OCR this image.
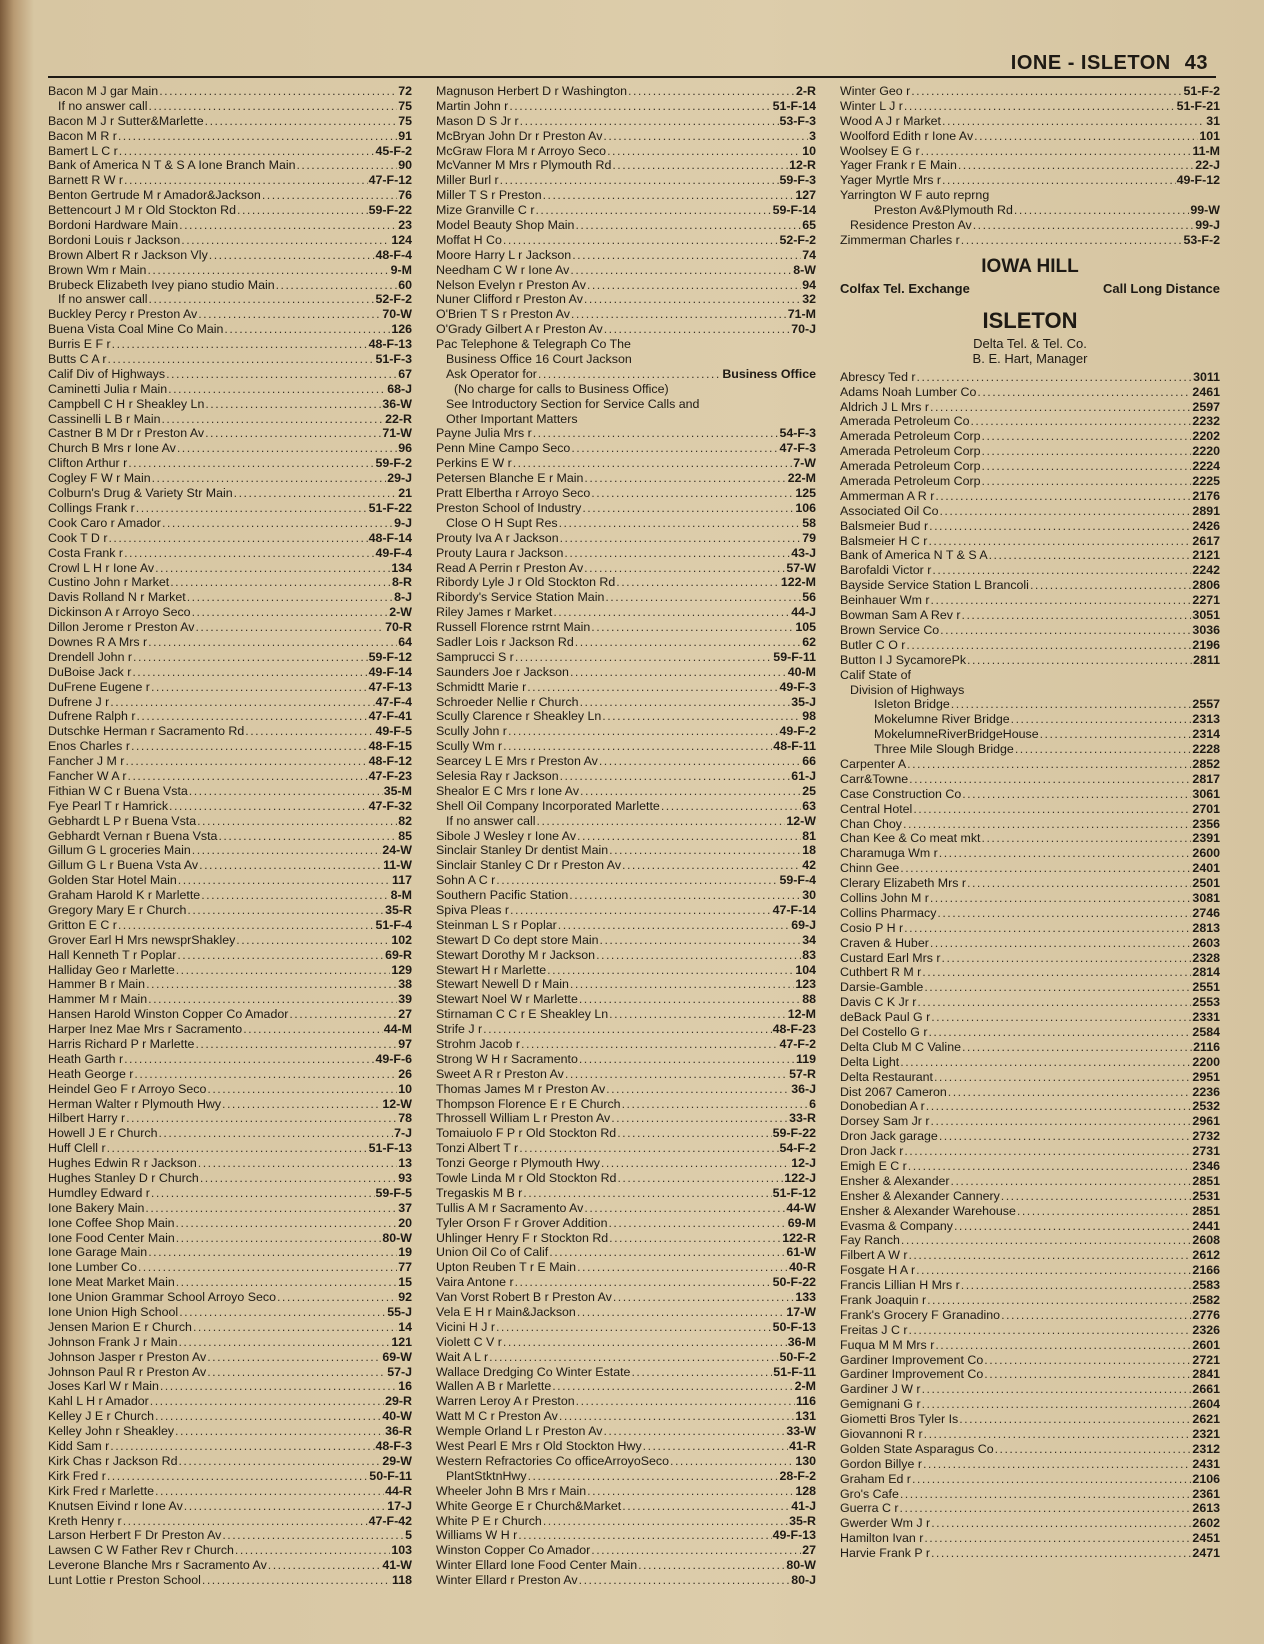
IONE - ISLETON 43
Bacon M J gar Main .....	72
If no answer call .....	75
Bacon M J r Sutter&Marlette .....	75
Bacon M R r .....	91
Bamert L C r .....	45-F-2
Bank of America N T & S A Ione Branch Main .....	90
Barnett R W r .....	47-F-12
Benton Gertrude M r Amador&Jackson .....	76
Bettencourt J M r Old Stockton Rd .....	59-F-22
Bordoni Hardware Main .....	23
Bordoni Louis r Jackson .....	124
Brown Albert R r Jackson Vly .....	48-F-4
Brown Wm r Main .....	9-M
Brubeck Elizabeth Ivey piano studio Main .....	60
If no answer call .....	52-F-2
Buckley Percy r Preston Av .....	70-W
Buena Vista Coal Mine Co Main .....	126
Burris E F r .....	48-F-13
Butts C A r .....	51-F-3
Calif Div of Highways .....	67
Caminetti Julia r Main .....	68-J
Campbell C H r Sheakley Ln .....	36-W
Cassinelli L B r Main .....	22-R
Castner B M Dr r Preston Av .....	71-W
Church B Mrs r Ione Av .....	96
Clifton Arthur r .....	59-F-2
Cogley F W r Main .....	29-J
Colburn's Drug & Variety Str Main .....	21
Collings Frank r .....	51-F-22
Cook Caro r Amador .....	9-J
Cook T D r .....	48-F-14
Costa Frank r .....	49-F-4
Crowl L H r Ione Av .....	134
Custino John r Market .....	8-R
Davis Rolland N r Market .....	8-J
Dickinson A r Arroyo Seco .....	2-W
Dillon Jerome r Preston Av .....	70-R
Downes R A Mrs r .....	64
Drendell John r .....	59-F-12
DuBoise Jack r .....	49-F-14
DuFrene Eugene r .....	47-F-13
Dufrene J r .....	47-F-4
Dufrene Ralph r .....	47-F-41
Dutschke Herman r Sacramento Rd .....	49-F-5
Enos Charles r .....	48-F-15
Fancher J M r .....	48-F-12
Fancher W A r .....	47-F-23
Fithian W C r Buena Vsta .....	35-M
Fye Pearl T r Hamrick .....	47-F-32
Gebhardt L P r Buena Vsta .....	82
Gebhardt Vernan r Buena Vsta .....	85
Gillum G L groceries Main .....	24-W
Gillum G L r Buena Vsta Av .....	11-W
Golden Star Hotel Main .....	117
Graham Harold K r Marlette .....	8-M
Gregory Mary E r Church .....	35-R
Gritton E C r .....	51-F-4
Grover Earl H Mrs newsprShakley .....	102
Hall Kenneth T r Poplar .....	69-R
Halliday Geo r Marlette .....	129
Hammer B r Main .....	38
Hammer M r Main .....	39
Hansen Harold Winston Copper Co Amador .....	27
Harper Inez Mae Mrs r Sacramento .....	44-M
Harris Richard P r Marlette .....	97
Heath Garth r .....	49-F-6
Heath George r .....	26
Heindel Geo F r Arroyo Seco .....	10
Herman Walter r Plymouth Hwy .....	12-W
Hilbert Harry r .....	78
Howell J E r Church .....	7-J
Huff Clell r .....	51-F-13
Hughes Edwin R r Jackson .....	13
Hughes Stanley D r Church .....	93
Humdley Edward r .....	59-F-5
Ione Bakery Main .....	37
Ione Coffee Shop Main .....	20
Ione Food Center Main .....	80-W
Ione Garage Main .....	19
Ione Lumber Co .....	77
Ione Meat Market Main .....	15
Ione Union Grammar School Arroyo Seco .....	92
Ione Union High School .....	55-J
Jensen Marion E r Church .....	14
Johnson Frank J r Main .....	121
Johnson Jasper r Preston Av .....	69-W
Johnson Paul R r Preston Av .....	57-J
Joses Karl W r Main .....	16
Kahl L H r Amador .....	29-R
Kelley J E r Church .....	40-W
Kelley John r Sheakley .....	36-R
Kidd Sam r .....	48-F-3
Kirk Chas r Jackson Rd .....	29-W
Kirk Fred r .....	50-F-11
Kirk Fred r Marlette .....	44-R
Knutsen Eivind r Ione Av .....	17-J
Kreth Henry r .....	47-F-42
Larson Herbert F Dr Preston Av .....	5
Lawsen C W Father Rev r Church .....	103
Leverone Blanche Mrs r Sacramento Av .....	41-W
Lunt Lottie r Preston School .....	118
Magnuson Herbert D r Washington .....	2-R
Martin John r .....	51-F-14
Mason D S Jr r .....	53-F-3
McBryan John Dr r Preston Av .....	3
McGraw Flora M r Arroyo Seco .....	10
McVanner M Mrs r Plymouth Rd .....	12-R
Miller Burl r .....	59-F-3
Miller T S r Preston .....	127
Mize Granville C r .....	59-F-14
Model Beauty Shop Main .....	65
Moffat H Co .....	52-F-2
Moore Harry L r Jackson .....	74
Needham C W r Ione Av .....	8-W
Nelson Evelyn r Preston Av .....	94
Nuner Clifford r Preston Av .....	32
O'Brien T S r Preston Av .....	71-M
O'Grady Gilbert A r Preston Av .....	70-J
Pac Telephone & Telegraph Co The
Business Office 16 Court Jackson
Ask Operator for .....	Business Office
(No charge for calls to Business Office)
See Introductory Section for Service Calls and
Other Important Matters
Payne Julia Mrs r .....	54-F-3
Penn Mine Campo Seco .....	47-F-3
Perkins E W r .....	7-W
Petersen Blanche E r Main .....	22-M
Pratt Elbertha r Arroyo Seco .....	125
Preston School of Industry .....	106
Close O H Supt Res .....	58
Prouty Iva A r Jackson .....	79
Prouty Laura r Jackson .....	43-J
Read A Perrin r Preston Av .....	57-W
Ribordy Lyle J r Old Stockton Rd .....	122-M
Ribordy's Service Station Main .....	56
Riley James r Market .....	44-J
Russell Florence rstrnt Main .....	105
Sadler Lois r Jackson Rd .....	62
Samprucci S r .....	59-F-11
Saunders Joe r Jackson .....	40-M
Schmidtt Marie r .....	49-F-3
Schroeder Nellie r Church .....	35-J
Scully Clarence r Sheakley Ln .....	98
Scully John r .....	49-F-2
Scully Wm r .....	48-F-11
Searcey L E Mrs r Preston Av .....	66
Selesia Ray r Jackson .....	61-J
Shealor E C Mrs r Ione Av .....	25
Shell Oil Company Incorporated Marlette .....	63
If no answer call .....	12-W
Sibole J Wesley r Ione Av .....	81
Sinclair Stanley Dr dentist Main .....	18
Sinclair Stanley C Dr r Preston Av .....	42
Sohn A C r .....	59-F-4
Southern Pacific Station .....	30
Spiva Pleas r .....	47-F-14
Steinman L S r Poplar .....	69-J
Stewart D Co dept store Main .....	34
Stewart Dorothy M r Jackson .....	83
Stewart H r Marlette .....	104
Stewart Newell D r Main .....	123
Stewart Noel W r Marlette .....	88
Stirnaman C C r E Sheakley Ln .....	12-M
Strife J r .....	48-F-23
Strohm Jacob r .....	47-F-2
Strong W H r Sacramento .....	119
Sweet A R r Preston Av .....	57-R
Thomas James M r Preston Av .....	36-J
Thompson Florence E r E Church .....	6
Throssell William L r Preston Av .....	33-R
Tomaiuolo F P r Old Stockton Rd .....	59-F-22
Tonzi Albert T r .....	54-F-2
Tonzi George r Plymouth Hwy .....	12-J
Towle Linda M r Old Stockton Rd .....	122-J
Tregaskis M B r .....	51-F-12
Tullis A M r Sacramento Av .....	44-W
Tyler Orson F r Grover Addition .....	69-M
Uhlinger Henry F r Stockton Rd .....	122-R
Union Oil Co of Calif .....	61-W
Upton Reuben T r E Main .....	40-R
Vaira Antone r .....	50-F-22
Van Vorst Robert B r Preston Av .....	133
Vela E H r Main&Jackson .....	17-W
Vicini H J r .....	50-F-13
Violett C V r .....	36-M
Wait A L r .....	50-F-2
Wallace Dredging Co Winter Estate .....	51-F-11
Wallen A B r Marlette .....	2-M
Warren Leroy A r Preston .....	116
Watt M C r Preston Av .....	131
Wemple Orland L r Preston Av .....	33-W
West Pearl E Mrs r Old Stockton Hwy .....	41-R
Western Refractories Co officeArroyoSeco .....	130
PlantStktnHwy .....	28-F-2
Wheeler John B Mrs r Main .....	128
White George E r Church&Market .....	41-J
White P E r Church .....	35-R
Williams W H r .....	49-F-13
Winston Copper Co Amador .....	27
Winter Ellard Ione Food Center Main .....	80-W
Winter Ellard r Preston Av .....	80-J
Winter Geo r .....	51-F-2
Winter L J r .....	51-F-21
Wood A J r Market .....	31
Woolford Edith r Ione Av .....	101
Woolsey E G r .....	11-M
Yager Frank r E Main .....	22-J
Yager Myrtle Mrs r .....	49-F-12
Yarrington W F auto reprng
Preston Av&Plymouth Rd .....	99-W
Residence Preston Av .....	99-J
Zimmerman Charles r .....	53-F-2
IOWA HILL
Colfax Tel. Exchange	Call Long Distance
ISLETON
Delta Tel. & Tel. Co.
B. E. Hart, Manager
Abrescy Ted r .....	3011
Adams Noah Lumber Co .....	2461
Aldrich J L Mrs r .....	2597
Amerada Petroleum Co .....	2232
Amerada Petroleum Corp .....	2202
Amerada Petroleum Corp .....	2220
Amerada Petroleum Corp .....	2224
Amerada Petroleum Corp .....	2225
Ammerman A R r .....	2176
Associated Oil Co .....	2891
Balsmeier Bud r .....	2426
Balsmeier H C r .....	2617
Bank of America N T & S A .....	2121
Barofaldi Victor r .....	2242
Bayside Service Station L Brancoli .....	2806
Beinhauer Wm r .....	2271
Bowman Sam A Rev r .....	3051
Brown Service Co .....	3036
Butler C O r .....	2196
Button I J SycamorePk .....	2811
Calif State of
Division of Highways
Isleton Bridge .....	2557
Mokelumne River Bridge .....	2313
MokelumneRiverBridgeHouse .....	2314
Three Mile Slough Bridge .....	2228
Carpenter A .....	2852
Carr&Towne .....	2817
Case Construction Co .....	3061
Central Hotel .....	2701
Chan Choy .....	2356
Chan Kee & Co meat mkt .....	2391
Charamuga Wm r .....	2600
Chinn Gee .....	2401
Clerary Elizabeth Mrs r .....	2501
Collins John M r .....	3081
Collins Pharmacy .....	2746
Cosio P H r .....	2813
Craven & Huber .....	2603
Custard Earl Mrs r .....	2328
Cuthbert R M r .....	2814
Darsie-Gamble .....	2551
Davis C K Jr r .....	2553
deBack Paul G r .....	2331
Del Costello G r .....	2584
Delta Club M C Valine .....	2116
Delta Light .....	2200
Delta Restaurant .....	2951
Dist 2067 Cameron .....	2236
Donobedian A r .....	2532
Dorsey Sam Jr r .....	2961
Dron Jack garage .....	2732
Dron Jack r .....	2731
Emigh E C r .....	2346
Ensher & Alexander .....	2851
Ensher & Alexander Cannery .....	2531
Ensher & Alexander Warehouse .....	2851
Evasma & Company .....	2441
Fay Ranch .....	2608
Filbert A W r .....	2612
Fosgate H A r .....	2166
Francis Lillian H Mrs r .....	2583
Frank Joaquin r .....	2582
Frank's Grocery F Granadino .....	2776
Freitas J C r .....	2326
Fuqua M M Mrs r .....	2601
Gardiner Improvement Co .....	2721
Gardiner Improvement Co .....	2841
Gardiner J W r .....	2661
Gemignani G r .....	2604
Giometti Bros Tyler Is .....	2621
Giovannoni R r .....	2321
Golden State Asparagus Co .....	2312
Gordon Billye r .....	2431
Graham Ed r .....	2106
Gro's Cafe .....	2361
Guerra C r .....	2613
Gwerder Wm J r .....	2602
Hamilton Ivan r .....	2451
Harvie Frank P r .....	2471
